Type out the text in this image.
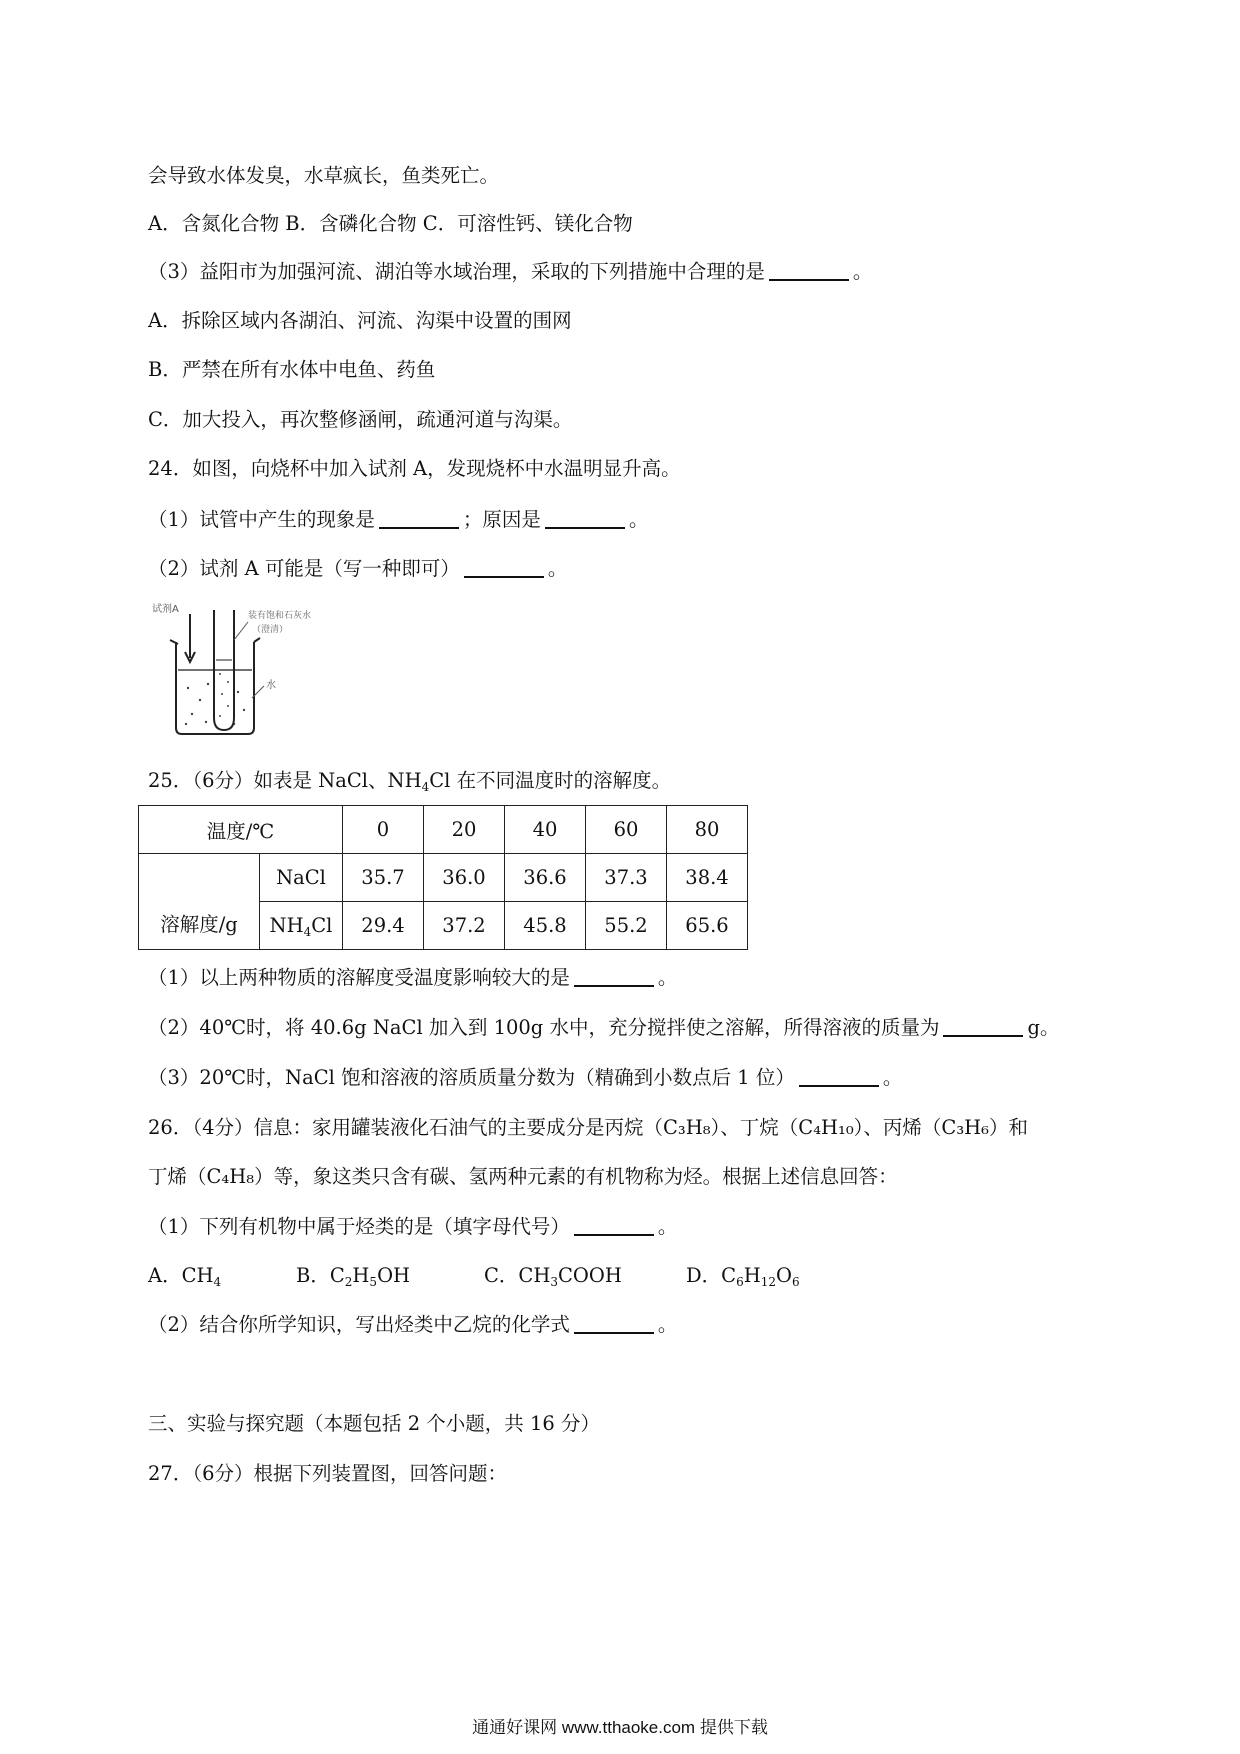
会导致水体发臭，水草疯长，鱼类死亡。
A．含氮化合物 B．含磷化合物 C．可溶性钙、镁化合物
（3）益阳市为加强河流、湖泊等水域治理，采取的下列措施中合理的是	。
A．拆除区域内各湖泊、河流、沟渠中设置的围网
B．严禁在所有水体中电鱼、药鱼
C．加大投入，再次整修涵闸，疏通河道与沟渠。
24．如图，向烧杯中加入试剂 A，发现烧杯中水温明显升高。
（1）试管中产生的现象是	；原因是	。
（2）试剂 A 可能是（写一种即可）	。
试剂A
装有饱和石灰水
（澄清）
水
25．（6分）如表是 NaCl、$NH_4Cl$ 在不同温度时的溶解度。
温度/℃		0	20	40	60	80
溶解度/g	NaCl	35.7	36.0	36.6	37.3	38.4
	$NH_4Cl$	29.4	37.2	45.8	55.2	65.6
（1）以上两种物质的溶解度受温度影响较大的是	。
（2）40℃时，将 40.6g NaCl 加入到 100g 水中，充分搅拌使之溶解，所得溶液的质量为	g。
（3）20℃时，NaCl 饱和溶液的溶质质量分数为（精确到小数点后 1 位）	。
26．（4分）信息：家用罐装液化石油气的主要成分是丙烷（C₃H₈）、丁烷（C₄H₁₀）、丙烯（C₃H₆）和
丁烯（C₄H₈）等，象这类只含有碳、氢两种元素的有机物称为烃。根据上述信息回答：
（1）下列有机物中属于烃类的是（填字母代号）	。
A．$CH_4$	B．$C_2H_5OH$	C．$CH_3COOH$	D．$C_6H_{12}O_6$
（2）结合你所学知识，写出烃类中乙烷的化学式	。
三、实验与探究题（本题包括 2 个小题，共 16 分）
27．（6分）根据下列装置图，回答问题：
通通好课网 www.tthaoke.com 提供下载
